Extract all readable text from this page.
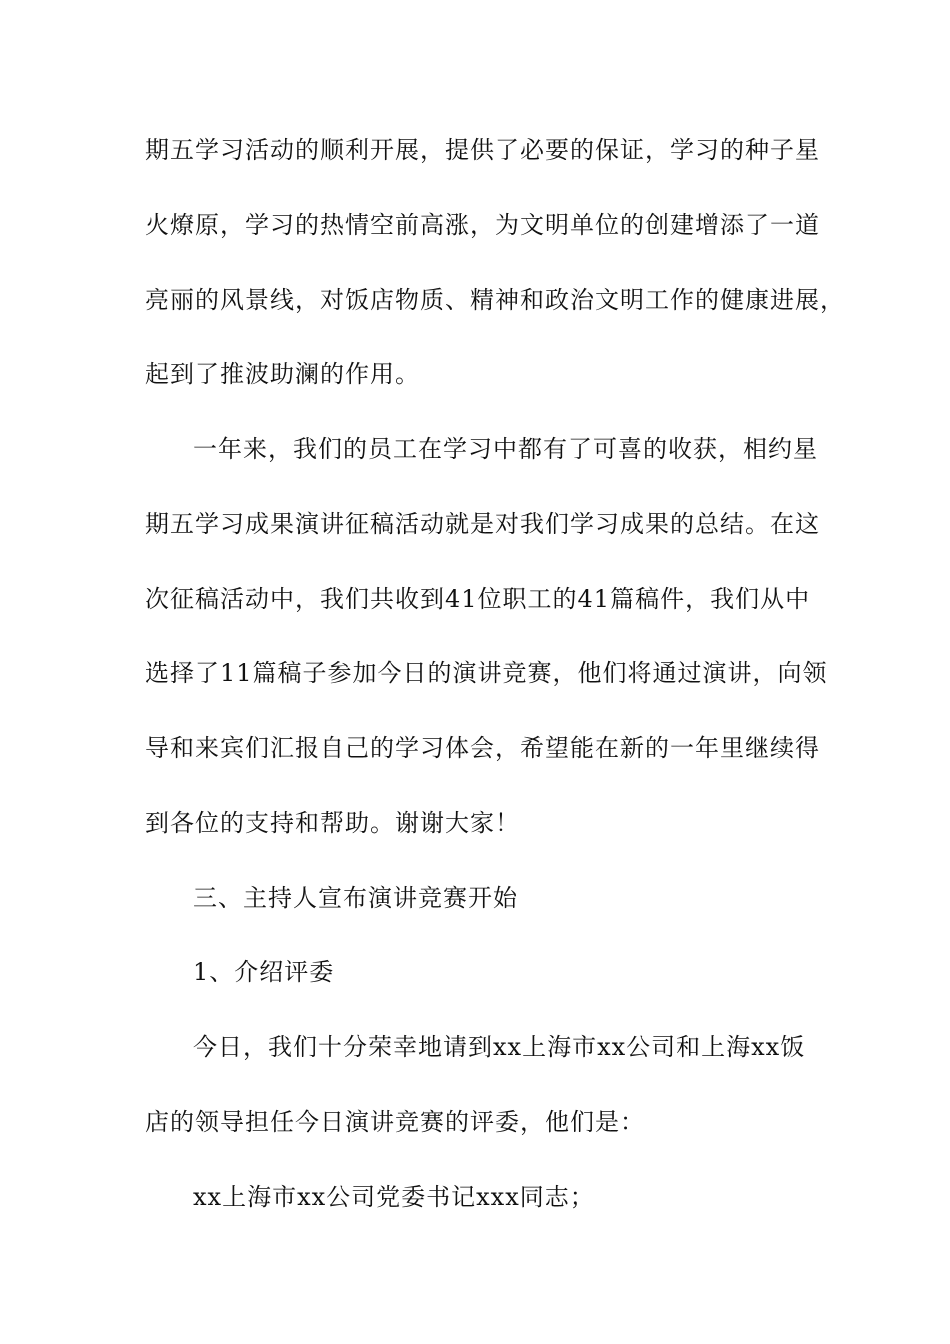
期五学习活动的顺利开展，提供了必要的保证，学习的种子星
火燎原，学习的热情空前高涨，为文明单位的创建增添了一道
亮丽的风景线，对饭店物质、精神和政治文明工作的健康进展，
起到了推波助澜的作用。
一年来，我们的员工在学习中都有了可喜的收获，相约星
期五学习成果演讲征稿活动就是对我们学习成果的总结。在这
次征稿活动中，我们共收到41位职工的41篇稿件，我们从中
选择了11篇稿子参加今日的演讲竞赛，他们将通过演讲，向领
导和来宾们汇报自己的学习体会，希望能在新的一年里继续得
到各位的支持和帮助。谢谢大家！
三、主持人宣布演讲竞赛开始
1、介绍评委
今日，我们十分荣幸地请到xx上海市xx公司和上海xx饭
店的领导担任今日演讲竞赛的评委，他们是：
xx上海市xx公司党委书记xxx同志；
